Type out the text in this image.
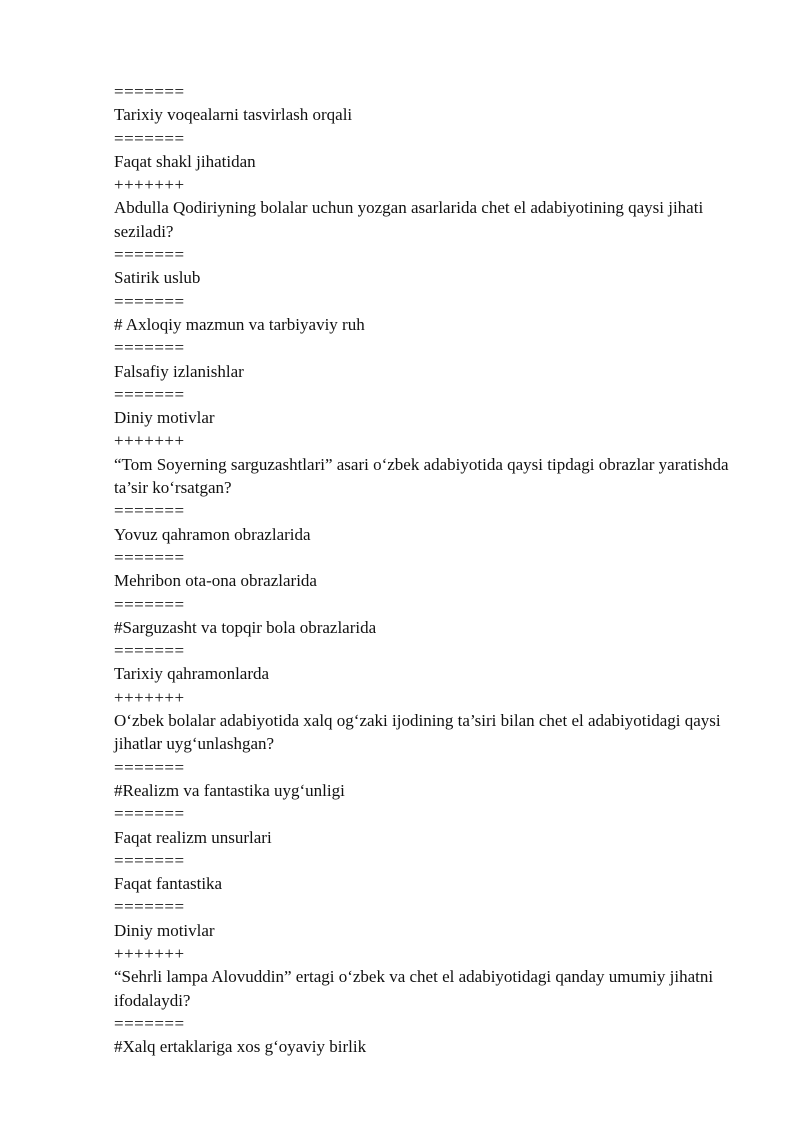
=======
Tarixiy voqealarni tasvirlash orqali
=======
Faqat shakl jihatidan
+++++++
Abdulla Qodiriyning bolalar uchun yozgan asarlarida chet el adabiyotining qaysi jihati seziladi?
=======
Satirik uslub
=======
# Axloqiy mazmun va tarbiyaviy ruh
=======
Falsafiy izlanishlar
=======
Diniy motivlar
+++++++
“Tom Soyerning sarguzashtlari” asari o‘zbek adabiyotida qaysi tipdagi obrazlar yaratishda ta’sir ko‘rsatgan?
=======
Yovuz qahramon obrazlarida
=======
Mehribon ota-ona obrazlarida
=======
#Sarguzasht va topqir bola obrazlarida
=======
Tarixiy qahramonlarda
+++++++
O‘zbek bolalar adabiyotida xalq og‘zaki ijodining ta’siri bilan chet el adabiyotidagi qaysi jihatlar uyg‘unlashgan?
=======
#Realizm va fantastika uyg‘unligi
=======
Faqat realizm unsurlari
=======
Faqat fantastika
=======
Diniy motivlar
+++++++
“Sehrli lampa Alovuddin” ertagi o‘zbek va chet el adabiyotidagi qanday umumiy jihatni ifodalaydi?
=======
#Xalq ertaklariga xos g‘oyaviy birlik
